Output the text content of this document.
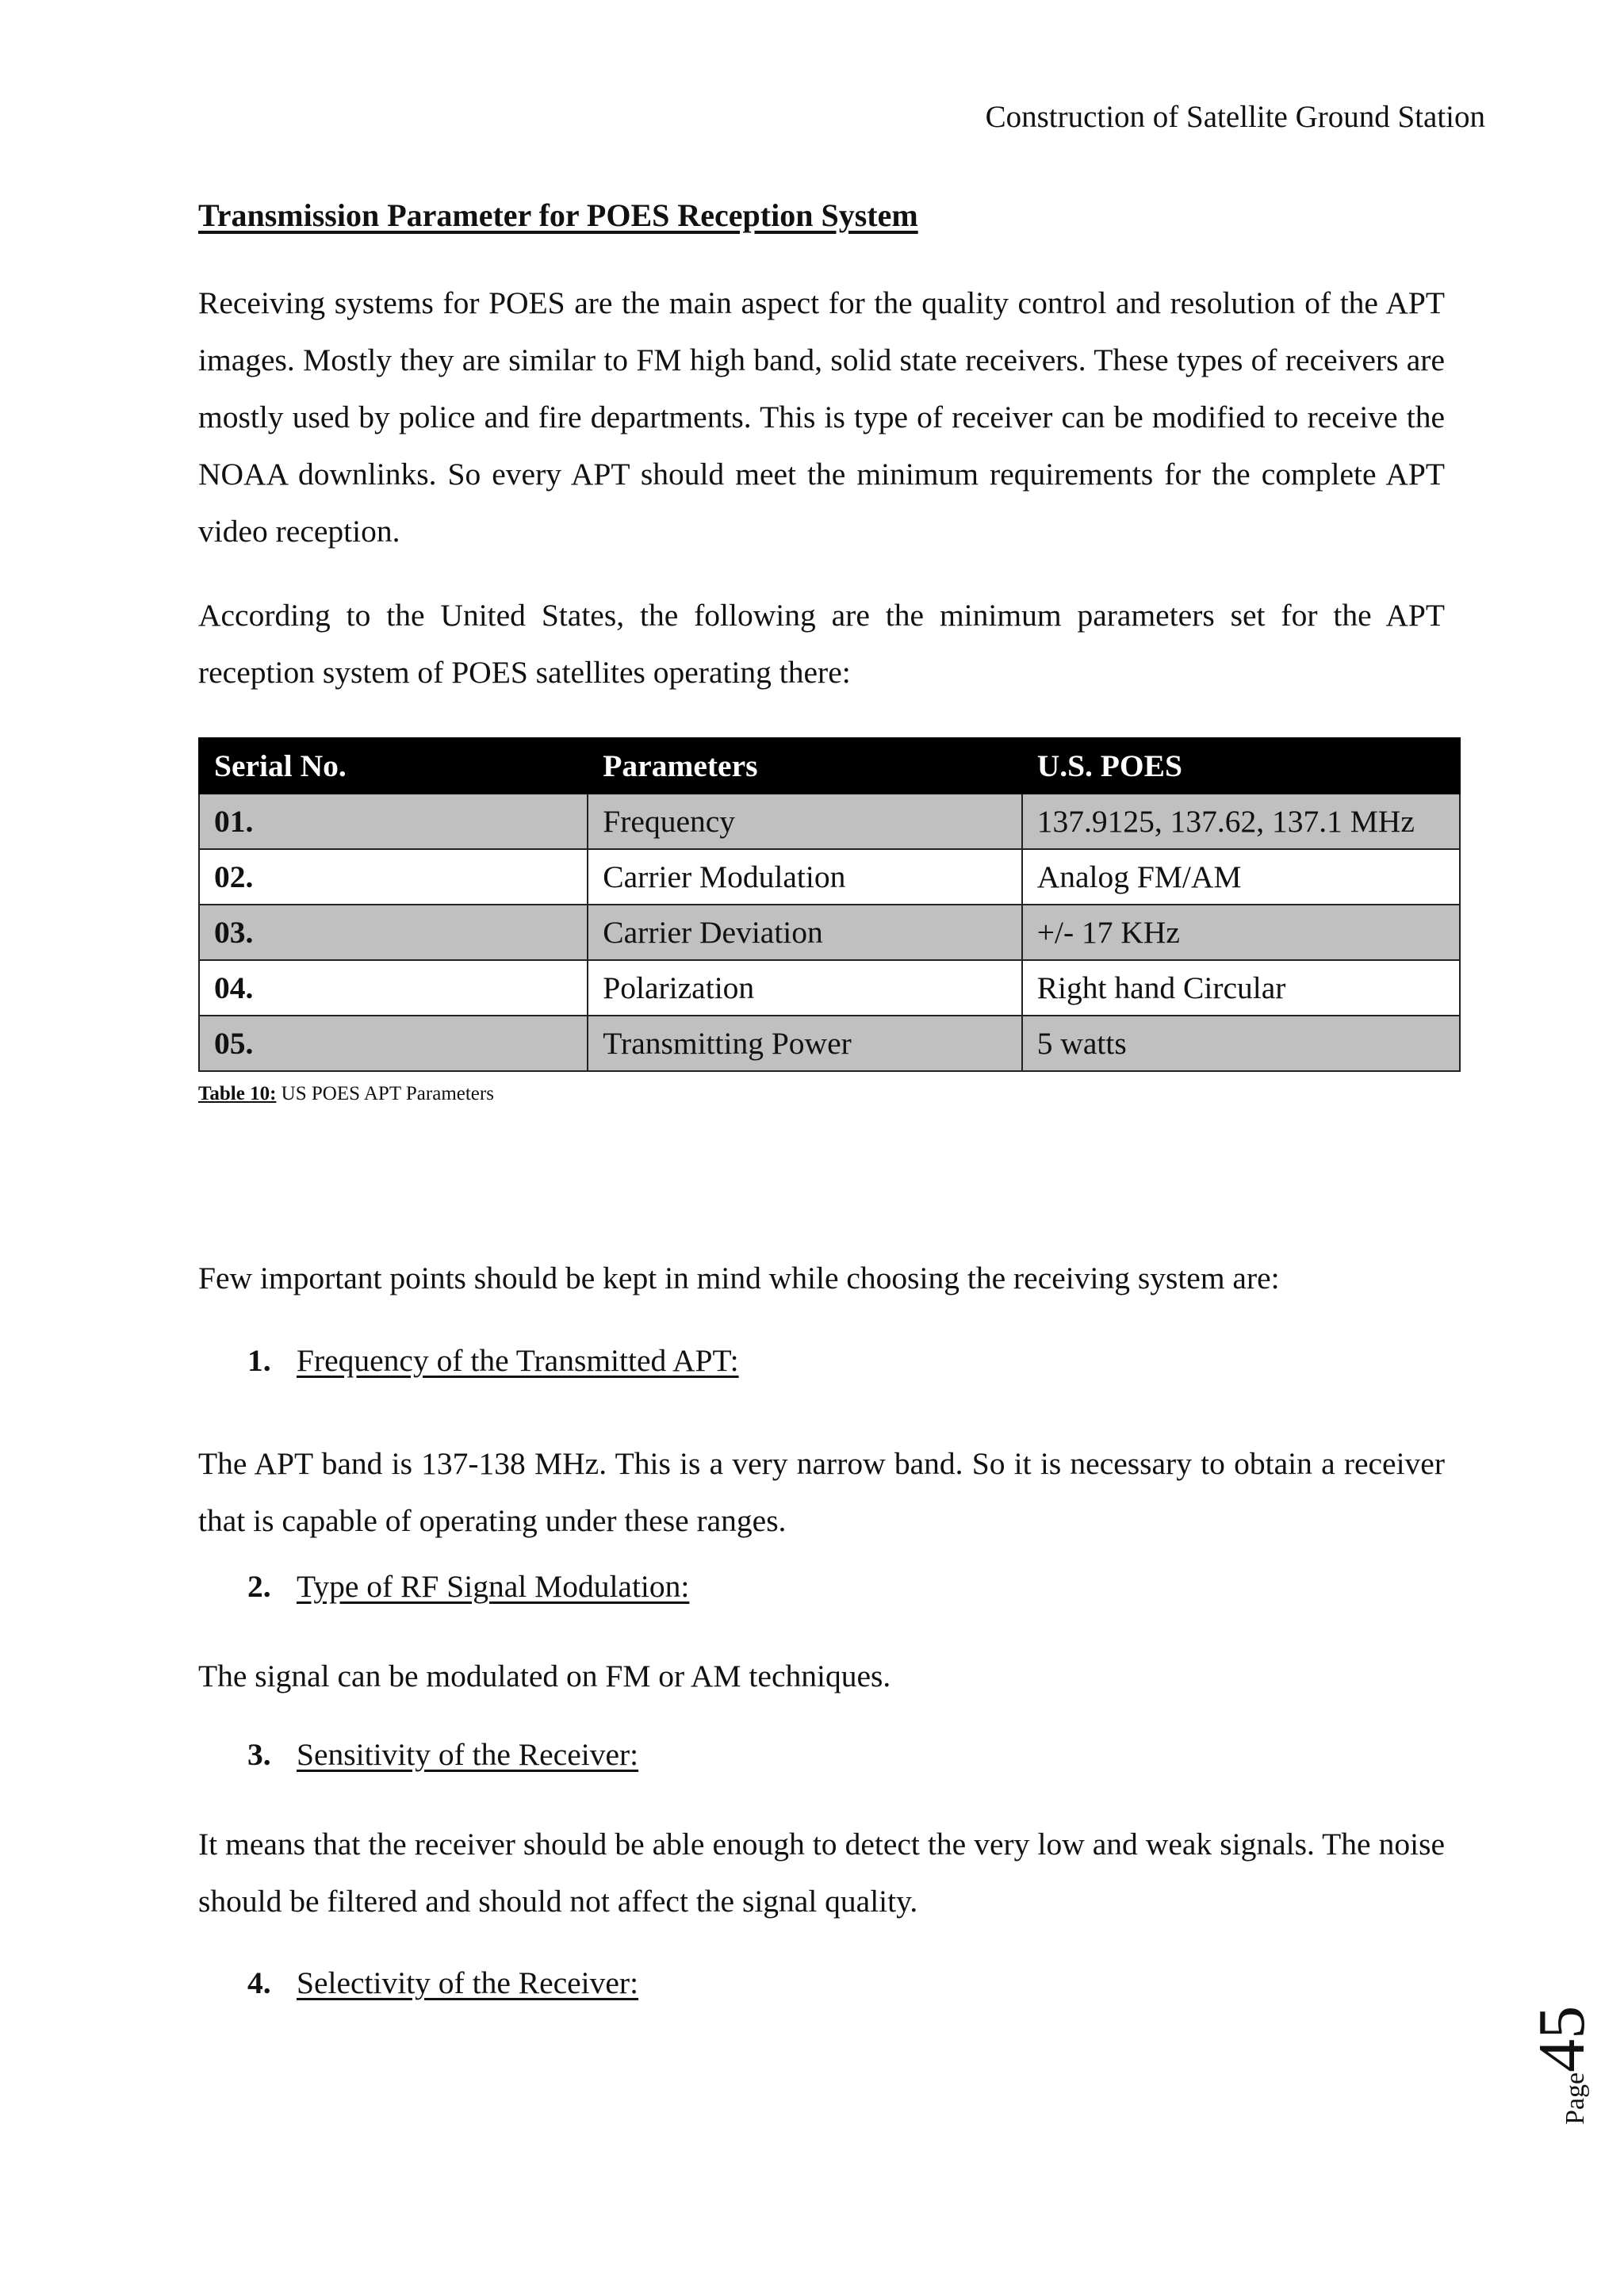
Construction of Satellite Ground Station
Transmission Parameter for POES Reception System
Receiving systems for POES are the main aspect for the quality control and resolution of the APT images. Mostly they are similar to FM high band, solid state receivers. These types of receivers are mostly used by police and fire departments. This is type of receiver can be modified to receive the NOAA downlinks. So every APT should meet the minimum requirements for the complete APT video reception.
According to the United States, the following are the minimum parameters set for the APT reception system of POES satellites operating there:
Serial No.	Parameters	U.S. POES
01.	Frequency	137.9125, 137.62, 137.1 MHz
02.	Carrier Modulation	Analog FM/AM
03.	Carrier Deviation	+/- 17 KHz
04.	Polarization	Right hand Circular
05.	Transmitting Power	5 watts
Table 10: US POES APT Parameters
Few important points should be kept in mind while choosing the receiving system are:
1. Frequency of the Transmitted APT:
The APT band is 137-138 MHz. This is a very narrow band. So it is necessary to obtain a receiver that is capable of operating under these ranges.
2. Type of RF Signal Modulation:
The signal can be modulated on FM or AM techniques.
3. Sensitivity of the Receiver:
It means that the receiver should be able enough to detect the very low and weak signals. The noise should be filtered and should not affect the signal quality.
4. Selectivity of the Receiver:
Page45
